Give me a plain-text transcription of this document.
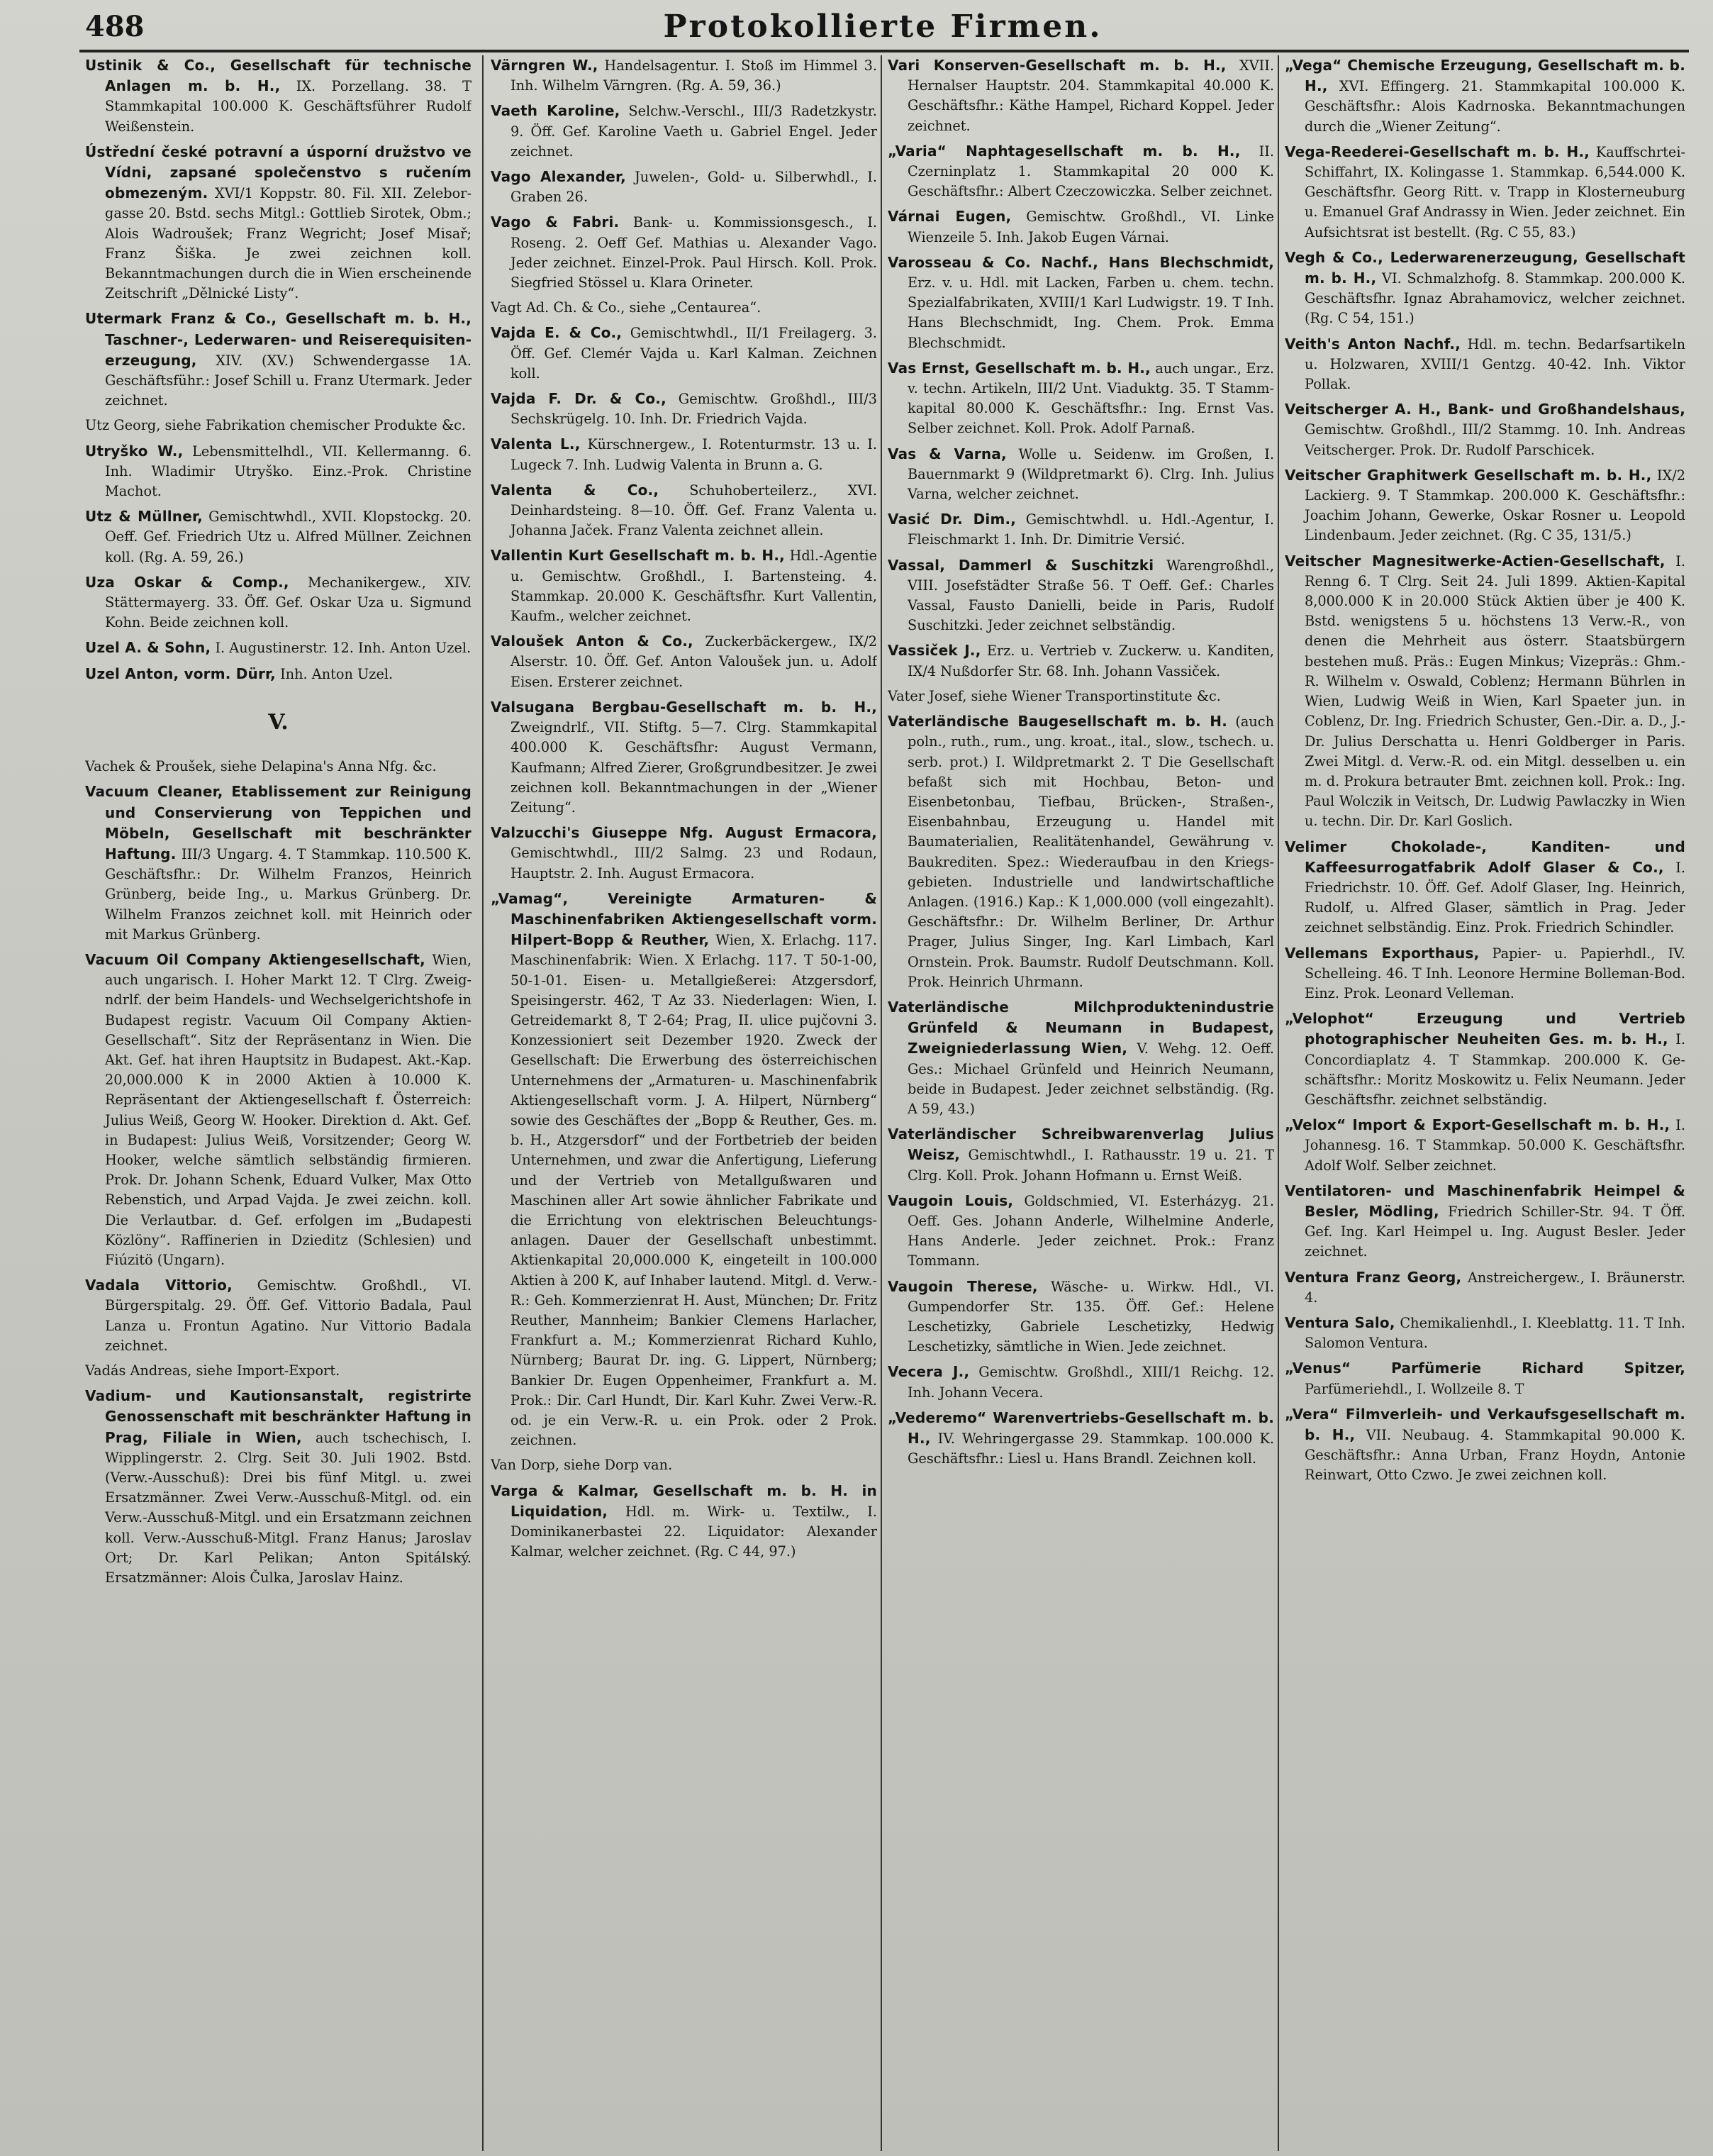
488	Protokollierte Firmen.
Ustinik & Co., Gesellschaft für technische Anlagen m. b. H., IX. Porzellang. 38. T Stammkapital 100.000 K. Geschäftsführer Rudolf Weißenstein.
Ústřední české potravní a úsporní družstvo ve Vídni, zapsané společenstvo s ručením obmezeným. XVI/1 Koppstr. 80. Fil. XII. Zeleborgasse 20. Bstd. sechs Mitgl.: Gottlieb Sirotek, Obm.; Alois Wadroušek; Franz Wegricht; Josef Misař; Franz Šiška. Je zwei zeichnen koll. Bekanntmachungen durch die in Wien erscheinende Zeitschrift „Dělnické Listy“.
Utermark Franz & Co., Gesellschaft m. b. H., Taschner-, Lederwaren- und Reiserequisitenerzeugung, XIV. (XV.) Schwendergasse 1A. Geschäftsführ.: Josef Schill u. Franz Utermark. Jeder zeichnet.
Utz Georg, siehe Fabrikation chemischer Produkte &c.
Utryško W., Lebensmittelhdl., VII. Kellermanng. 6. Inh. Wladimir Utryško. Einz.-Prok. Christine Machot.
Utz & Müllner, Gemischtwhdl., XVII. Klopstockg. 20. Oeff. Gef. Friedrich Utz u. Alfred Müllner. Zeichnen koll. (Rg. A. 59, 26.)
Uza Oskar & Comp., Mechanikergew., XIV. Stättermayerg. 33. Öff. Gef. Oskar Uza u. Sigmund Kohn. Beide zeichnen koll.
Uzel A. & Sohn, I. Augustinerstr. 12. Inh. Anton Uzel.
Uzel Anton, vorm. Dürr, Inh. Anton Uzel.
V.
Vachek & Proušek, siehe Delapina's Anna Nfg. &c.
Vacuum Cleaner, Etablissement zur Reinigung und Conservierung von Teppichen und Möbeln, Gesellschaft mit beschränkter Haftung. III/3 Ungarg. 4. T Stammkap. 110.500 K. Geschäftsfhr.: Dr. Wilhelm Franzos, Heinrich Grünberg, beide Ing., u. Markus Grünberg. Dr. Wilhelm Franzos zeichnet koll. mit Heinrich oder mit Markus Grünberg.
Vacuum Oil Company Aktiengesellschaft, Wien, auch ungarisch. I. Hoher Markt 12. T Clrg. Zweigndrlf. der beim Handels- und Wechselgerichtshofe in Budapest registr. Vacuum Oil Company Aktien-Gesellschaft“. Sitz der Repräsentanz in Wien. Die Akt. Gef. hat ihren Hauptsitz in Budapest. Akt.-Kap. 20,000.000 K in 2000 Aktien à 10.000 K. Repräsentant der Aktiengesellschaft f. Österreich: Julius Weiß, Georg W. Hooker. Direktion d. Akt. Gef. in Budapest: Julius Weiß, Vorsitzender; Georg W. Hooker, welche sämtlich selbständig firmieren. Prok. Dr. Johann Schenk, Eduard Vulker, Max Otto Rebenstich, und Arpad Vajda. Je zwei zeichn. koll. Die Verlautbar. d. Gef. erfolgen im „Budapesti Közlöny“. Raffinerien in Dzieditz (Schlesien) und Fiúzitö (Ungarn).
Vadala Vittorio, Gemischtw. Großhdl., VI. Bürgerspitalg. 29. Öff. Gef. Vittorio Badala, Paul Lanza u. Frontun Agatino. Nur Vittorio Badala zeichnet.
Vadás Andreas, siehe Import-Export.
Vadium- und Kautionsanstalt, registrirte Genossenschaft mit beschränkter Haftung in Prag, Filiale in Wien, auch tschechisch, I. Wipplingerstr. 2. Clrg. Seit 30. Juli 1902. Bstd. (Verw.-Ausschuß): Drei bis fünf Mitgl. u. zwei Ersatzmänner. Zwei Verw.-Ausschuß-Mitgl. od. ein Verw.-Ausschuß-Mitgl. und ein Ersatzmann zeichnen koll. Verw.-Ausschuß-Mitgl. Franz Hanus; Jaroslav Ort; Dr. Karl Pelikan; Anton Spitálský. Ersatzmänner: Alois Čulka, Jaroslav Hainz.
Värngren W., Handelsagentur. I. Stoß im Himmel 3. Inh. Wilhelm Värngren. (Rg. A. 59, 36.)
Vaeth Karoline, Selchw.-Verschl., III/3 Radetzkystr. 9. Öff. Gef. Karoline Vaeth u. Gabriel Engel. Jeder zeichnet.
Vago Alexander, Juwelen-, Gold- u. Silberwhdl., I. Graben 26.
Vago & Fabri. Bank- u. Kommissionsgesch., I. Roseng. 2. Oeff Gef. Mathias u. Alexander Vago. Jeder zeichnet. Einzel-Prok. Paul Hirsch. Koll. Prok. Siegfried Stössel u. Klara Orineter.
Vagt Ad. Ch. & Co., siehe „Centaurea“.
Vajda E. & Co., Gemischtwhdl., II/1 Freilagerg. 3. Öff. Gef. Clemér Vajda u. Karl Kalman. Zeichnen koll.
Vajda F. Dr. & Co., Gemischtw. Großhdl., III/3 Sechskrügelg. 10. Inh. Dr. Friedrich Vajda.
Valenta L., Kürschnergew., I. Rotenturmstr. 13 u. I. Lugeck 7. Inh. Ludwig Valenta in Brunn a. G.
Valenta & Co., Schuhoberteilerz., XVI. Deinhardsteing. 8—10. Öff. Gef. Franz Valenta u. Johanna Jaček. Franz Valenta zeichnet allein.
Vallentin Kurt Gesellschaft m. b. H., Hdl.-Agentie u. Gemischtw. Großhdl., I. Bartensteing. 4. Stammkap. 20.000 K. Geschäftsfhr. Kurt Vallentin, Kaufm., welcher zeichnet.
Valoušek Anton & Co., Zuckerbäckergew., IX/2 Alserstr. 10. Öff. Gef. Anton Valoušek jun. u. Adolf Eisen. Ersterer zeichnet.
Valsugana Bergbau-Gesellschaft m. b. H., Zweigndrlf., VII. Stiftg. 5—7. Clrg. Stammkapital 400.000 K. Geschäftsfhr: August Vermann, Kaufmann; Alfred Zierer, Großgrundbesitzer. Je zwei zeichnen koll. Bekanntmachungen in der „Wiener Zeitung“.
Valzucchi's Giuseppe Nfg. August Ermacora, Gemischtwhdl., III/2 Salmg. 23 und Rodaun, Hauptstr. 2. Inh. August Ermacora.
„Vamag“, Vereinigte Armaturen- & Maschinenfabriken Aktiengesellschaft vorm. Hilpert-Bopp & Reuther, Wien, X. Erlachg. 117. Maschinenfabrik: Wien. X Erlachg. 117. T 50-1-00, 50-1-01. Eisen- u. Metallgießerei: Atzgersdorf, Speisingerstr. 462, T Az 33. Niederlagen: Wien, I. Getreidemarkt 8, T 2-64; Prag, II. ulice pujčovni 3. Konzessioniert seit Dezember 1920. Zweck der Gesellschaft: Die Erwerbung des österreichischen Unternehmens der „Armaturen- u. Maschinenfabrik Aktiengesellschaft vorm. J. A. Hilpert, Nürnberg“ sowie des Geschäftes der „Bopp & Reuther, Ges. m. b. H., Atzgersdorf“ und der Fortbetrieb der beiden Unternehmen, und zwar die Anfertigung, Lieferung und der Vertrieb von Metallgußwaren und Maschinen aller Art sowie ähnlicher Fabrikate und die Errichtung von elektrischen Beleuchtungsanlagen. Dauer der Gesellschaft unbestimmt. Aktienkapital 20,000.000 K, eingeteilt in 100.000 Aktien à 200 K, auf Inhaber lautend. Mitgl. d. Verw.-R.: Geh. Kommerzienrat H. Aust, München; Dr. Fritz Reuther, Mannheim; Bankier Clemens Harlacher, Frankfurt a. M.; Kommerzienrat Richard Kuhlo, Nürnberg; Baurat Dr. ing. G. Lippert, Nürnberg; Bankier Dr. Eugen Oppenheimer, Frankfurt a. M. Prok.: Dir. Carl Hundt, Dir. Karl Kuhr. Zwei Verw.-R. od. je ein Verw.-R. u. ein Prok. oder 2 Prok. zeichnen.
Van Dorp, siehe Dorp van.
Varga & Kalmar, Gesellschaft m. b. H. in Liquidation, Hdl. m. Wirk- u. Textilw., I. Dominikanerbastei 22. Liquidator: Alexander Kalmar, welcher zeichnet. (Rg. C 44, 97.)
Vari Konserven-Gesellschaft m. b. H., XVII. Hernalser Hauptstr. 204. Stammkapital 40.000 K. Geschäftsfhr.: Käthe Hampel, Richard Koppel. Jeder zeichnet.
„Varia“ Naphtagesellschaft m. b. H., II. Czerninplatz 1. Stammkapital 20 000 K. Geschäftsfhr.: Albert Czeczowiczka. Selber zeichnet.
Várnai Eugen, Gemischtw. Großhdl., VI. Linke Wienzeile 5. Inh. Jakob Eugen Várnai.
Varosseau & Co. Nachf., Hans Blechschmidt, Erz. v. u. Hdl. mit Lacken, Farben u. chem. techn. Spezialfabrikaten, XVIII/1 Karl Ludwigstr. 19. T Inh. Hans Blechschmidt, Ing. Chem. Prok. Emma Blechschmidt.
Vas Ernst, Gesellschaft m. b. H., auch ungar., Erz. v. techn. Artikeln, III/2 Unt. Viaduktg. 35. T Stammkapital 80.000 K. Geschäftsfhr.: Ing. Ernst Vas. Selber zeichnet. Koll. Prok. Adolf Parnaß.
Vas & Varna, Wolle u. Seidenw. im Großen, I. Bauernmarkt 9 (Wildpretmarkt 6). Clrg. Inh. Julius Varna, welcher zeichnet.
Vasić Dr. Dim., Gemischtwhdl. u. Hdl.-Agentur, I. Fleischmarkt 1. Inh. Dr. Dimitrie Versić.
Vassal, Dammerl & Suschitzki Warengroßhdl., VIII. Josefstädter Straße 56. T Oeff. Gef.: Charles Vassal, Fausto Danielli, beide in Paris, Rudolf Suschitzki. Jeder zeichnet selbständig.
Vassiček J., Erz. u. Vertrieb v. Zuckerw. u. Kanditen, IX/4 Nußdorfer Str. 68. Inh. Johann Vassiček.
Vater Josef, siehe Wiener Transportinstitute &c.
Vaterländische Baugesellschaft m. b. H. (auch poln., ruth., rum., ung. kroat., ital., slow., tschech. u. serb. prot.) I. Wildpretmarkt 2. T Die Gesellschaft befaßt sich mit Hochbau, Beton- und Eisenbetonbau, Tiefbau, Brücken-, Straßen-, Eisenbahnbau, Erzeugung u. Handel mit Baumaterialien, Realitätenhandel, Gewährung v. Baukrediten. Spez.: Wiederaufbau in den Kriegsgebieten. Industrielle und landwirtschaftliche Anlagen. (1916.) Kap.: K 1,000.000 (voll eingezahlt). Geschäftsfhr.: Dr. Wilhelm Berliner, Dr. Arthur Prager, Julius Singer, Ing. Karl Limbach, Karl Ornstein. Prok. Baumstr. Rudolf Deutschmann. Koll. Prok. Heinrich Uhrmann.
Vaterländische Milchproduktenindustrie Grünfeld & Neumann in Budapest, Zweigniederlassung Wien, V. Wehg. 12. Oeff. Ges.: Michael Grünfeld und Heinrich Neumann, beide in Budapest. Jeder zeichnet selbständig. (Rg. A 59, 43.)
Vaterländischer Schreibwarenverlag Julius Weisz, Gemischtwhdl., I. Rathausstr. 19 u. 21. T Clrg. Koll. Prok. Johann Hofmann u. Ernst Weiß.
Vaugoin Louis, Goldschmied, VI. Esterházyg. 21. Oeff. Ges. Johann Anderle, Wilhelmine Anderle, Hans Anderle. Jeder zeichnet. Prok.: Franz Tommann.
Vaugoin Therese, Wäsche- u. Wirkw. Hdl., VI. Gumpendorfer Str. 135. Öff. Gef.: Helene Leschetizky, Gabriele Leschetizky, Hedwig Leschetizky, sämtliche in Wien. Jede zeichnet.
Vecera J., Gemischtw. Großhdl., XIII/1 Reichg. 12. Inh. Johann Vecera.
„Vederemo“ Warenvertriebs-Gesellschaft m. b. H., IV. Wehringergasse 29. Stammkap. 100.000 K. Geschäftsfhr.: Liesl u. Hans Brandl. Zeichnen koll.
„Vega“ Chemische Erzeugung, Gesellschaft m. b. H., XVI. Effingerg. 21. Stammkapital 100.000 K. Geschäftsfhr.: Alois Kadrnoska. Bekanntmachungen durch die „Wiener Zeitung“.
Vega-Reederei-Gesellschaft m. b. H., Kauffschrtei-Schiffahrt, IX. Kolingasse 1. Stammkap. 6,544.000 K. Geschäftsfhr. Georg Ritt. v. Trapp in Klosterneuburg u. Emanuel Graf Andrassy in Wien. Jeder zeichnet. Ein Aufsichtsrat ist bestellt. (Rg. C 55, 83.)
Vegh & Co., Lederwarenerzeugung, Gesellschaft m. b. H., VI. Schmalzhofg. 8. Stammkap. 200.000 K. Geschäftsfhr. Ignaz Abrahamovicz, welcher zeichnet. (Rg. C 54, 151.)
Veith's Anton Nachf., Hdl. m. techn. Bedarfsartikeln u. Holzwaren, XVIII/1 Gentzg. 40-42. Inh. Viktor Pollak.
Veitscherger A. H., Bank- und Großhandelshaus, Gemischtw. Großhdl., III/2 Stammg. 10. Inh. Andreas Veitscherger. Prok. Dr. Rudolf Parschicek.
Veitscher Graphitwerk Gesellschaft m. b. H., IX/2 Lackierg. 9. T Stammkap. 200.000 K. Geschäftsfhr.: Joachim Johann, Gewerke, Oskar Rosner u. Leopold Lindenbaum. Jeder zeichnet. (Rg. C 35, 131/5.)
Veitscher Magnesitwerke-Actien-Gesellschaft, I. Renng 6. T Clrg. Seit 24. Juli 1899. Aktien-Kapital 8,000.000 K in 20.000 Stück Aktien über je 400 K. Bstd. wenigstens 5 u. höchstens 13 Verw.-R., von denen die Mehrheit aus österr. Staatsbürgern bestehen muß. Präs.: Eugen Minkus; Vizepräs.: Ghm.-R. Wilhelm v. Oswald, Coblenz; Hermann Bührlen in Wien, Ludwig Weiß in Wien, Karl Spaeter jun. in Coblenz, Dr. Ing. Friedrich Schuster, Gen.-Dir. a. D., J.-Dr. Julius Derschatta u. Henri Goldberger in Paris. Zwei Mitgl. d. Verw.-R. od. ein Mitgl. desselben u. ein m. d. Prokura betrauter Bmt. zeichnen koll. Prok.: Ing. Paul Wolczik in Veitsch, Dr. Ludwig Pawlaczky in Wien u. techn. Dir. Dr. Karl Goslich.
Velimer Chokolade-, Kanditen- und Kaffeesurrogatfabrik Adolf Glaser & Co., I. Friedrichstr. 10. Öff. Gef. Adolf Glaser, Ing. Heinrich, Rudolf, u. Alfred Glaser, sämtlich in Prag. Jeder zeichnet selbständig. Einz. Prok. Friedrich Schindler.
Vellemans Exporthaus, Papier- u. Papierhdl., IV. Schelleing. 46. T Inh. Leonore Hermine Bolleman-Bod. Einz. Prok. Leonard Velleman.
„Velophot“ Erzeugung und Vertrieb photographischer Neuheiten Ges. m. b. H., I. Concordiaplatz 4. T Stammkap. 200.000 K. Geschäftsfhr.: Moritz Moskowitz u. Felix Neumann. Jeder Geschäftsfhr. zeichnet selbständig.
„Velox“ Import & Export-Gesellschaft m. b. H., I. Johannesg. 16. T Stammkap. 50.000 K. Geschäftsfhr. Adolf Wolf. Selber zeichnet.
Ventilatoren- und Maschinenfabrik Heimpel & Besler, Mödling, Friedrich Schiller-Str. 94. T Öff. Gef. Ing. Karl Heimpel u. Ing. August Besler. Jeder zeichnet.
Ventura Franz Georg, Anstreichergew., I. Bräunerstr. 4.
Ventura Salo, Chemikalienhdl., I. Kleeblattg. 11. T Inh. Salomon Ventura.
„Venus“ Parfümerie Richard Spitzer, Parfümeriehdl., I. Wollzeile 8. T
„Vera“ Filmverleih- und Verkaufsgesellschaft m. b. H., VII. Neubaug. 4. Stammkapital 90.000 K. Geschäftsfhr.: Anna Urban, Franz Hoydn, Antonie Reinwart, Otto Czwo. Je zwei zeichnen koll.
